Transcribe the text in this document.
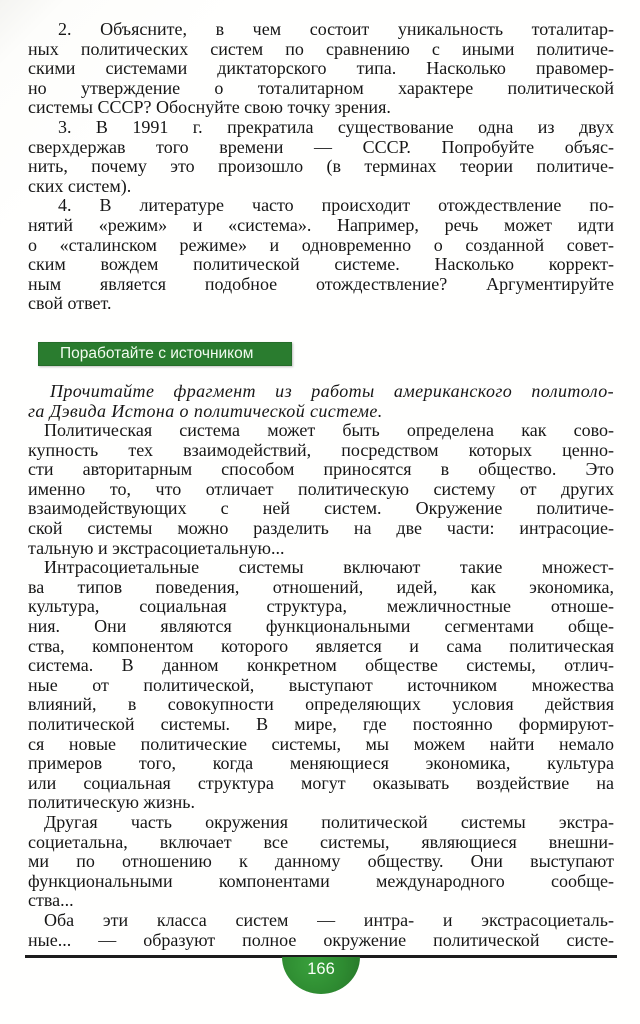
2. Объясните, в чем состоит уникальность тоталитар-
ных политических систем по сравнению с иными политиче-
скими системами диктаторского типа. Насколько правомер-
но утверждение о тоталитарном характере политической
системы СССР? Обоснуйте свою точку зрения.
3. В 1991 г. прекратила существование одна из двух
сверхдержав того времени — СССР. Попробуйте объяс-
нить, почему это произошло (в терминах теории политиче-
ских систем).
4. В литературе часто происходит отождествление по-
нятий «режим» и «система». Например, речь может идти
о «сталинском режиме» и одновременно о созданной совет-
ским вождем политической системе. Насколько коррект-
ным является подобное отождествление? Аргументируйте
свой ответ.
Поработайте с источником
Прочитайте фрагмент из работы американского политоло-
га Дэвида Истона о политической системе.
Политическая система может быть определена как сово-
купность тех взаимодействий, посредством которых ценно-
сти авторитарным способом приносятся в общество. Это
именно то, что отличает политическую систему от других
взаимодействующих с ней систем. Окружение политиче-
ской системы можно разделить на две части: интрасоцие-
тальную и экстрасоциетальную...
Интрасоциетальные системы включают такие множест-
ва типов поведения, отношений, идей, как экономика,
культура, социальная структура, межличностные отноше-
ния. Они являются функциональными сегментами обще-
ства, компонентом которого является и сама политическая
система. В данном конкретном обществе системы, отлич-
ные от политической, выступают источником множества
влияний, в совокупности определяющих условия действия
политической системы. В мире, где постоянно формируют-
ся новые политические системы, мы можем найти немало
примеров того, когда меняющиеся экономика, культура
или социальная структура могут оказывать воздействие на
политическую жизнь.
Другая часть окружения политической системы экстра-
социетальна, включает все системы, являющиеся внешни-
ми по отношению к данному обществу. Они выступают
функциональными компонентами международного сообще-
ства...
Оба эти класса систем — интра- и экстрасоциеталь-
ные... — образуют полное окружение политической систе-
166
